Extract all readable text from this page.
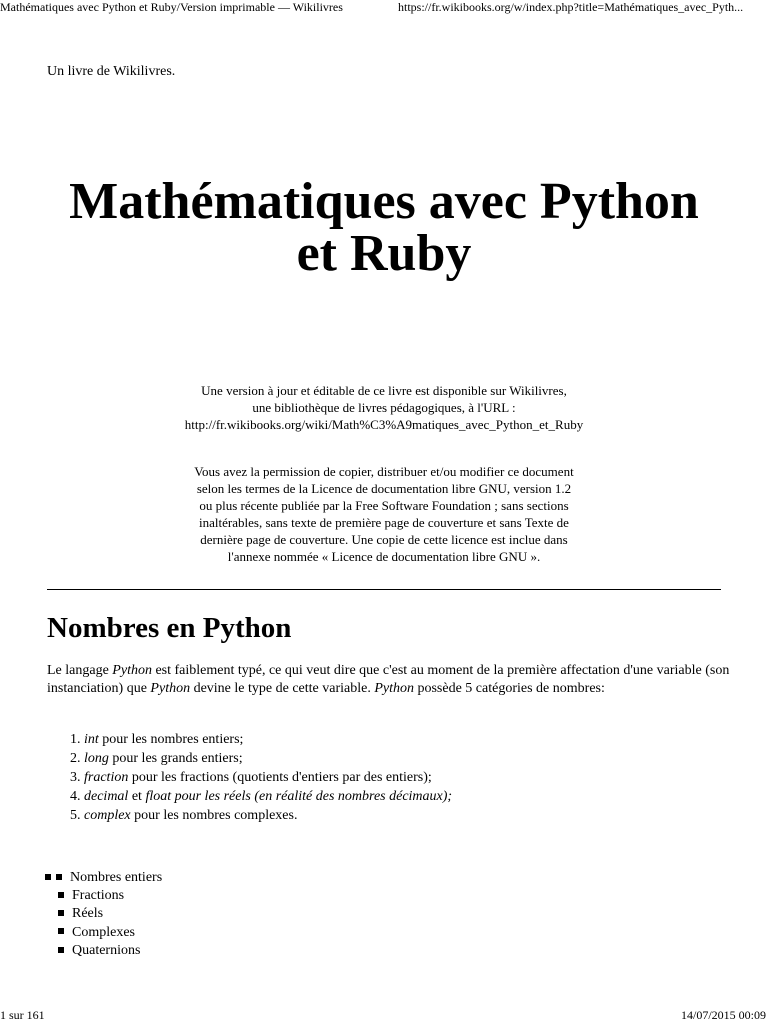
Mathématiques avec Python et Ruby/Version imprimable — Wikilivres	https://fr.wikibooks.org/w/index.php?title=Mathématiques_avec_Pyth...
Un livre de Wikilivres.
Mathématiques avec Python
et Ruby
Une version à jour et éditable de ce livre est disponible sur Wikilivres,
une bibliothèque de livres pédagogiques, à l'URL :
http://fr.wikibooks.org/wiki/Math%C3%A9matiques_avec_Python_et_Ruby
Vous avez la permission de copier, distribuer et/ou modifier ce document
selon les termes de la Licence de documentation libre GNU, version 1.2
ou plus récente publiée par la Free Software Foundation ; sans sections
inaltérables, sans texte de première page de couverture et sans Texte de
dernière page de couverture. Une copie de cette licence est inclue dans
l'annexe nommée « Licence de documentation libre GNU ».
Nombres en Python
Le langage Python est faiblement typé, ce qui veut dire que c'est au moment de la première affectation d'une variable (son instanciation) que Python devine le type de cette variable. Python possède 5 catégories de nombres:
1. int pour les nombres entiers;
2. long pour les grands entiers;
3. fraction pour les fractions (quotients d'entiers par des entiers);
4. decimal et float pour les réels (en réalité des nombres décimaux);
5. complex pour les nombres complexes.
Nombres entiers
Fractions
Réels
Complexes
Quaternions
1 sur 161	14/07/2015 00:09
